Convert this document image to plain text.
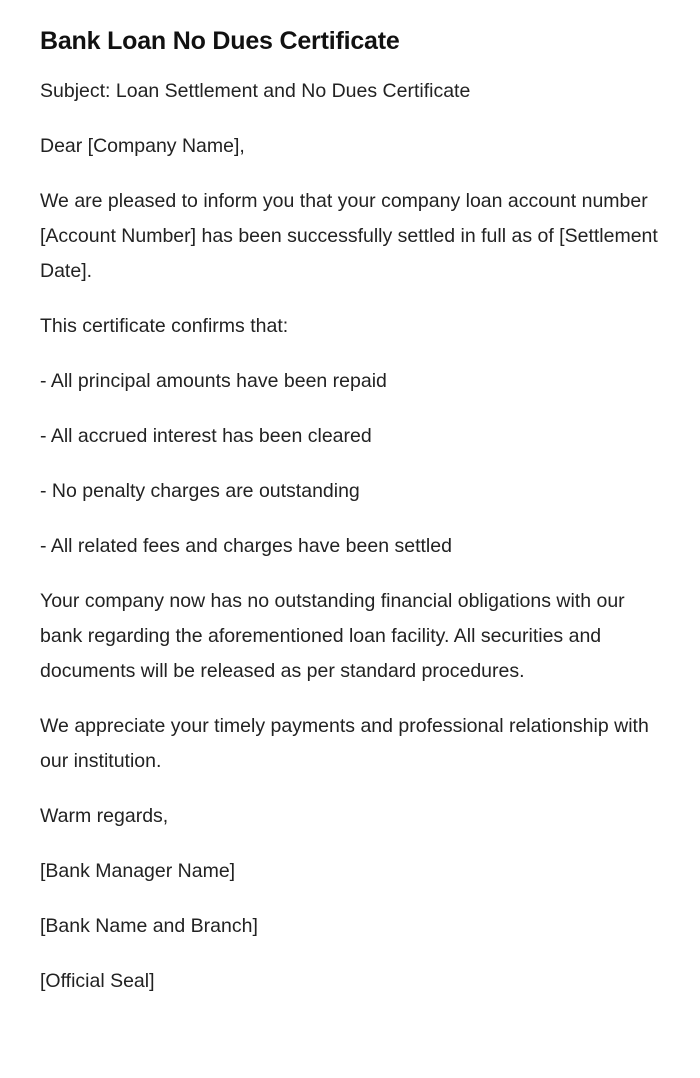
Bank Loan No Dues Certificate

Subject: Loan Settlement and No Dues Certificate

Dear [Company Name],

We are pleased to inform you that your company loan account number [Account Number] has been successfully settled in full as of [Settlement Date].

This certificate confirms that:

- All principal amounts have been repaid

- All accrued interest has been cleared

- No penalty charges are outstanding

- All related fees and charges have been settled

Your company now has no outstanding financial obligations with our bank regarding the aforementioned loan facility. All securities and documents will be released as per standard procedures.

We appreciate your timely payments and professional relationship with our institution.

Warm regards,

[Bank Manager Name]

[Bank Name and Branch]

[Official Seal]
